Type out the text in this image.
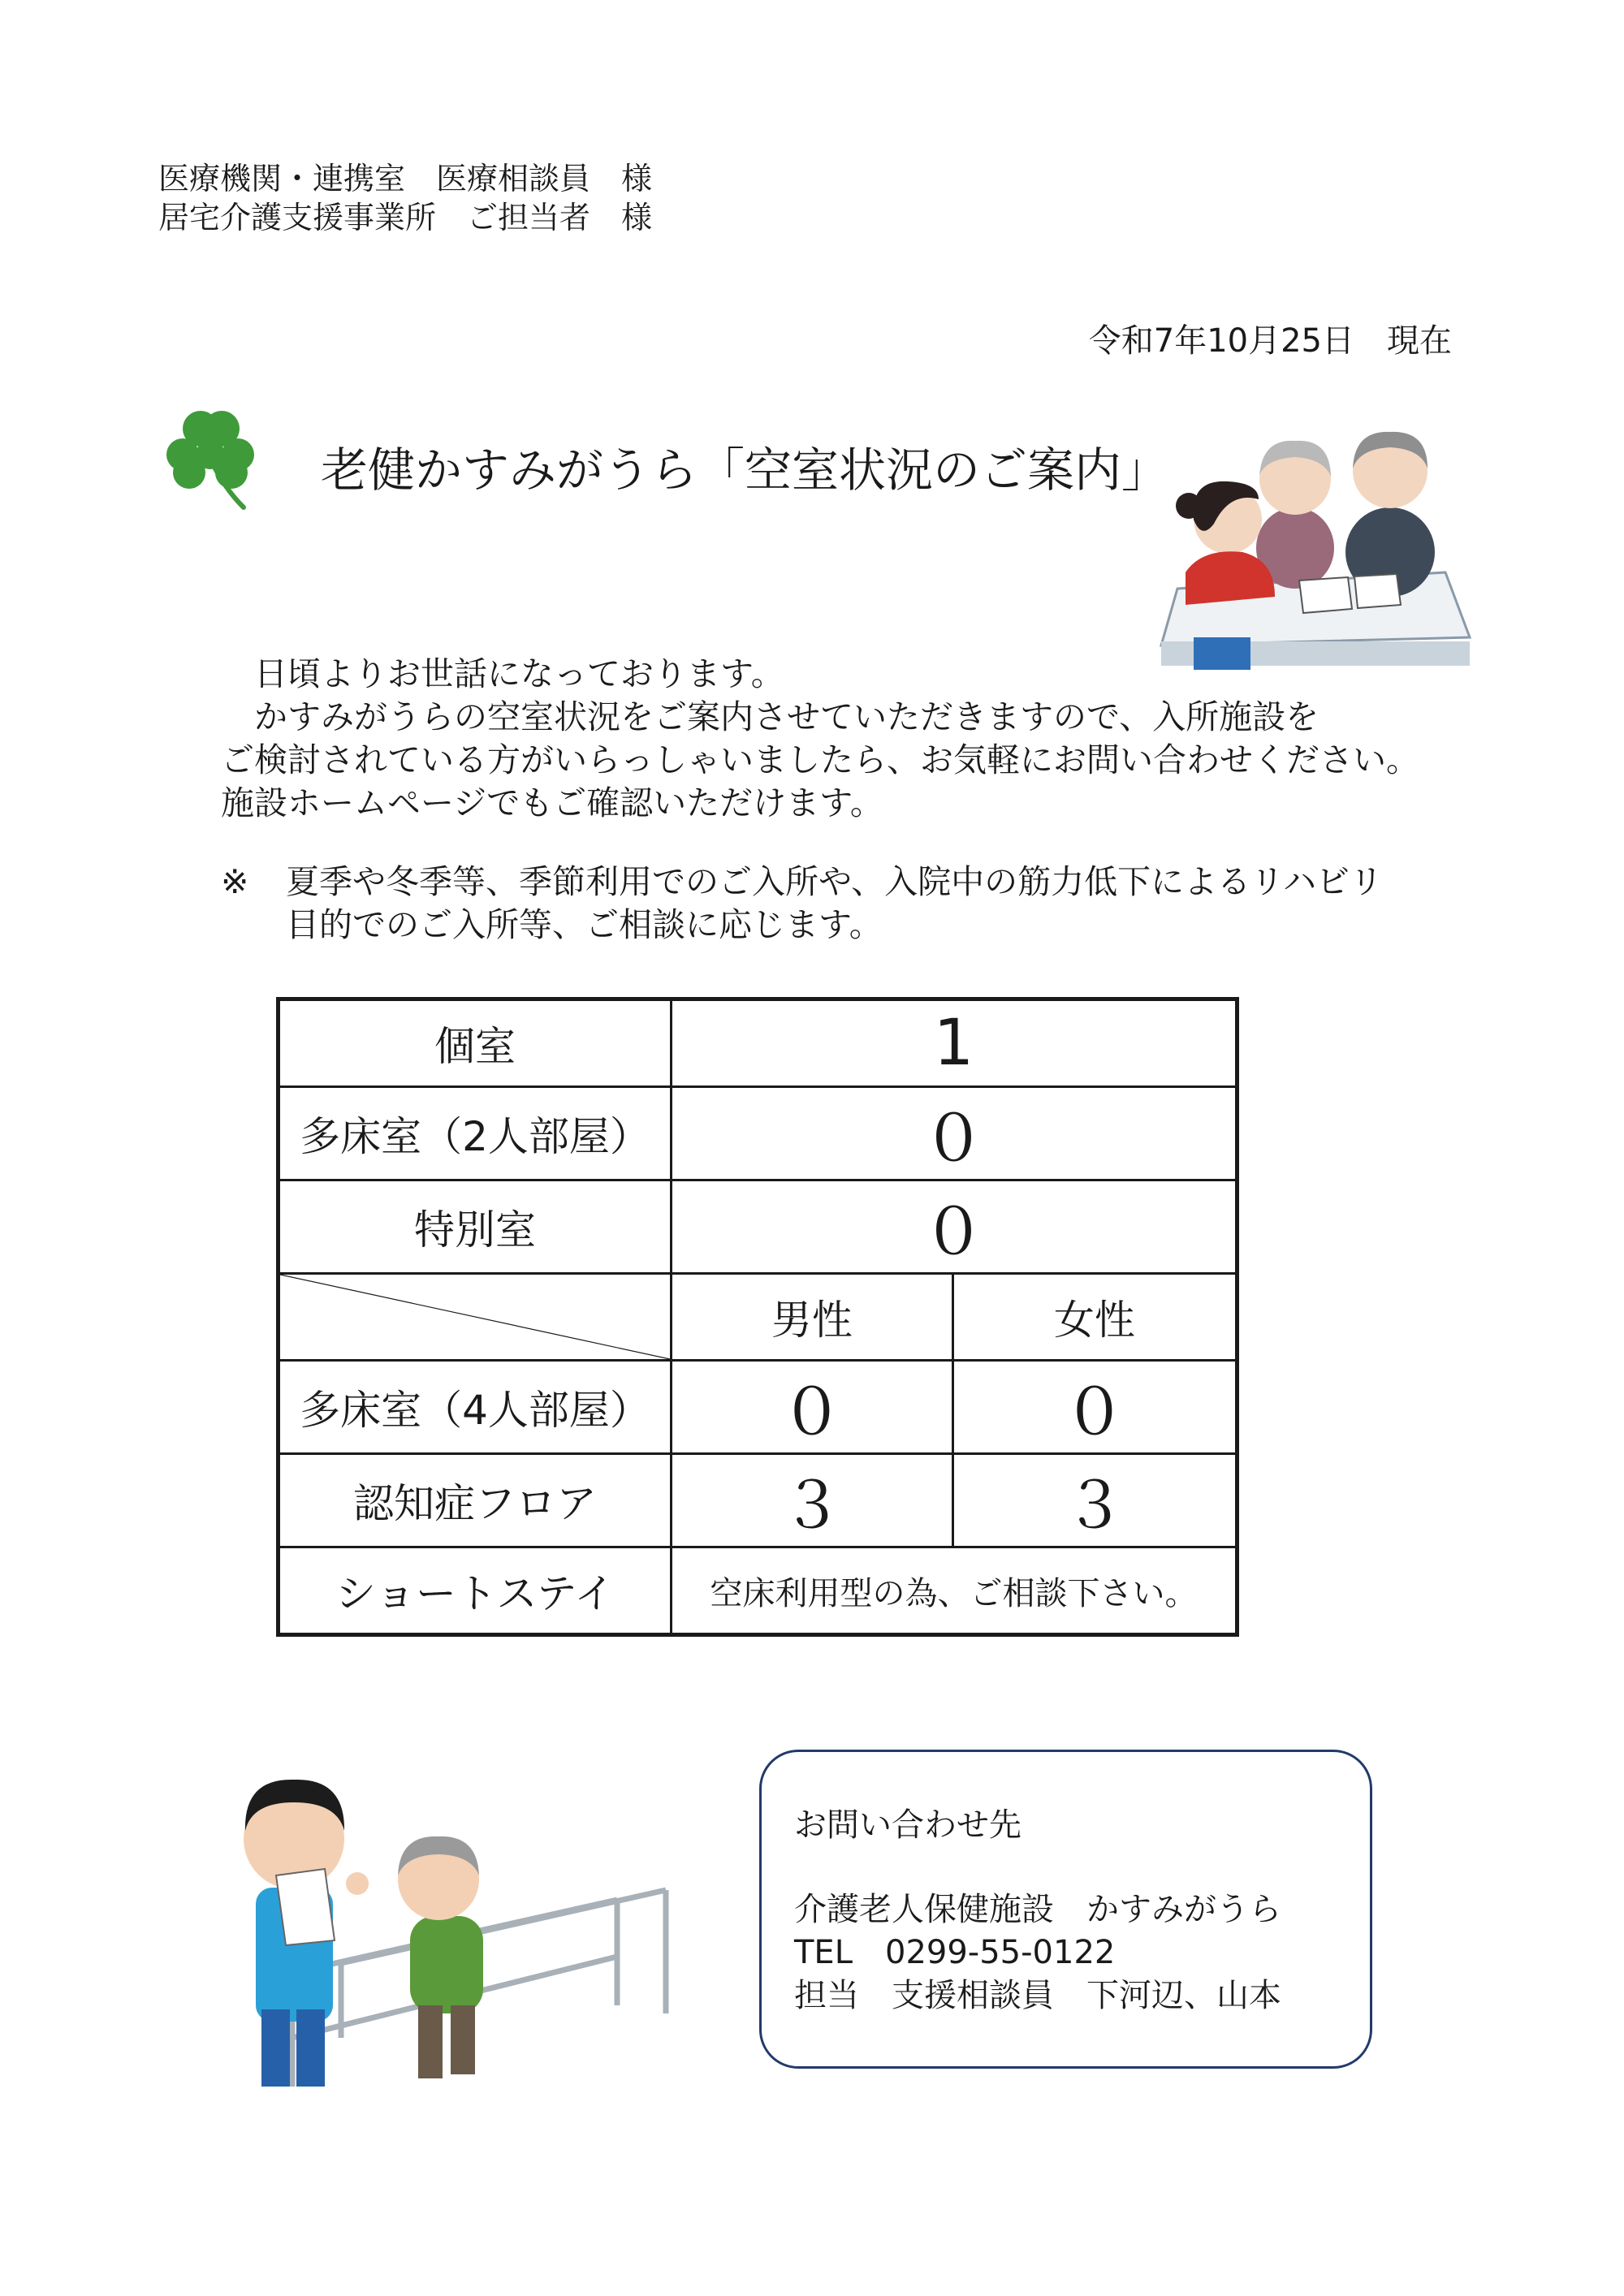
医療機関・連携室　医療相談員　様
居宅介護支援事業所　ご担当者　様
令和7年10月25日　現在
老健かすみがうら「空室状況のご案内」
　日頃よりお世話になっております。
　かすみがうらの空室状況をご案内させていただきますので、入所施設を
ご検討されている方がいらっしゃいましたら、お気軽にお問い合わせください。
施設ホームページでもご確認いただけます。
※ 夏季や冬季等、季節利用でのご入所や、入院中の筋力低下によるリハビリ
目的でのご入所等、ご相談に応じます。
個室	1	
多床室（2人部屋）	０	
特別室	０	

	男性	女性
多床室（4人部屋）	０	０
認知症フロア	３	３
ショートステイ	空床利用型の為、ご相談下さい。	
お問い合わせ先
介護老人保健施設　かすみがうら
TEL　0299-55-0122
担当　支援相談員　下河辺、山本
